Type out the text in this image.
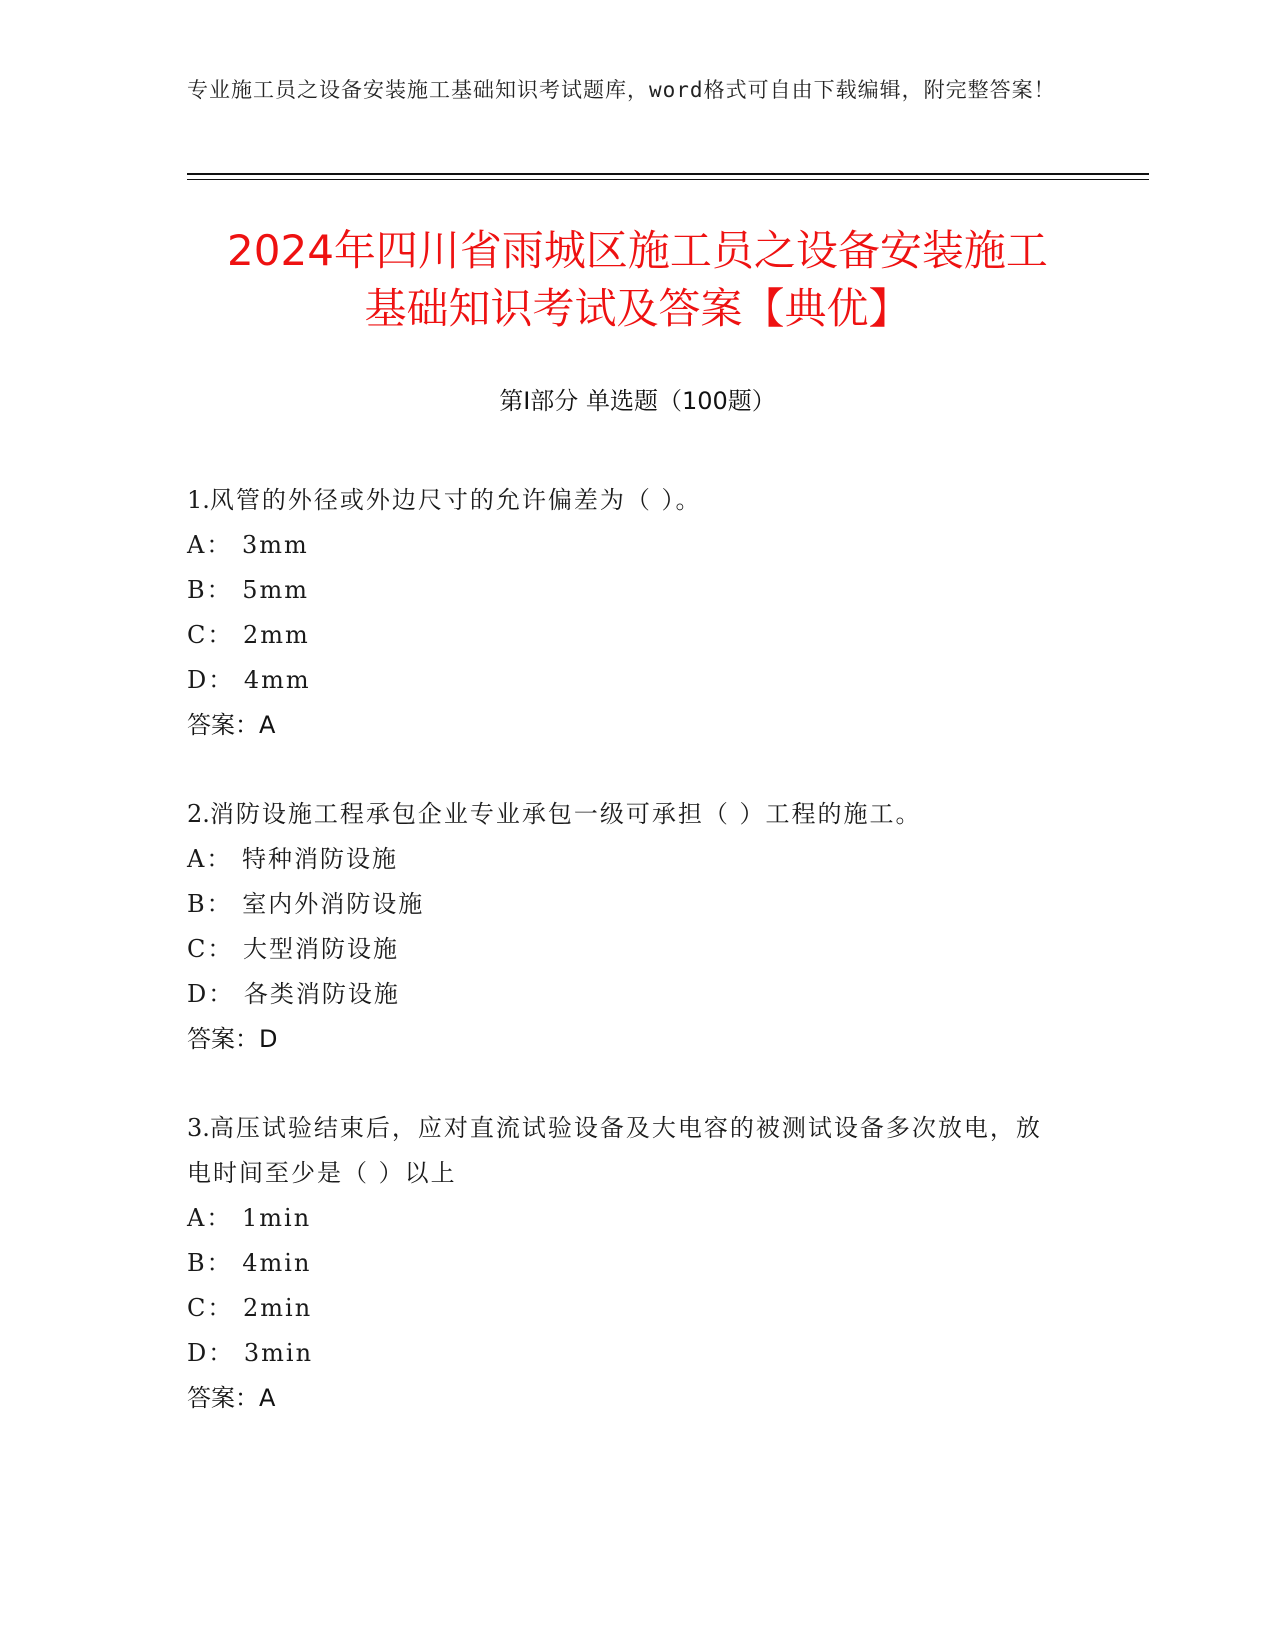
专业施工员之设备安装施工基础知识考试题库，word格式可自由下载编辑，附完整答案！
2024年四川省雨城区施工员之设备安装施工
基础知识考试及答案【典优】
第Ⅰ部分 单选题（100题）
1.风管的外径或外边尺寸的允许偏差为（ ）。
A： 3mm
B： 5mm
C： 2mm
D： 4mm
答案：A
2.消防设施工程承包企业专业承包一级可承担（ ）工程的施工。
A： 特种消防设施
B： 室内外消防设施
C： 大型消防设施
D： 各类消防设施
答案：D
3.高压试验结束后，应对直流试验设备及大电容的被测试设备多次放电，放电时间至少是（ ）以上
A： 1min
B： 4min
C： 2min
D： 3min
答案：A
